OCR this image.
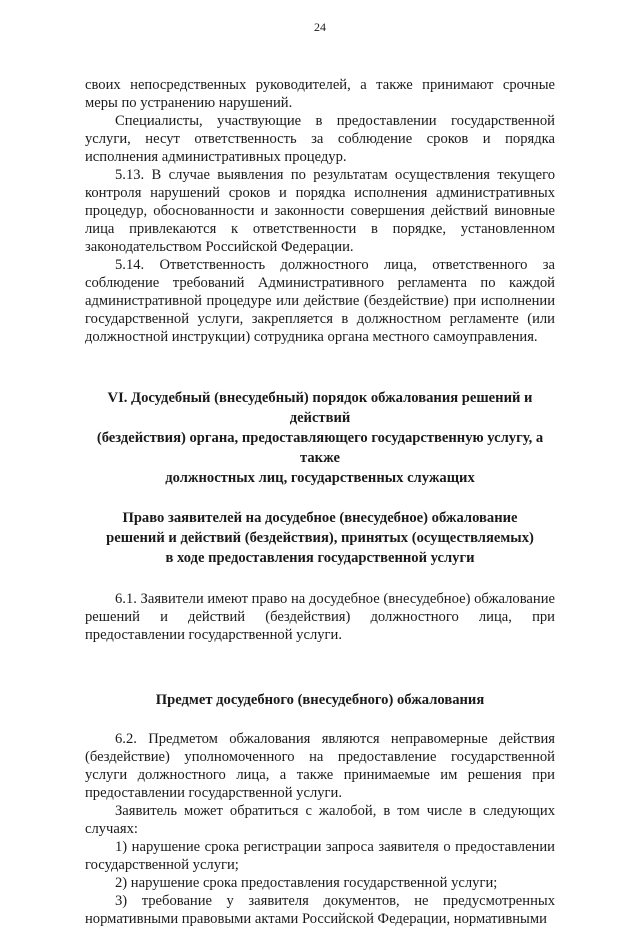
24

своих непосредственных руководителей, а также принимают срочные меры по устранению нарушений.

Специалисты, участвующие в предоставлении государственной услуги, несут ответственность за соблюдение сроков и порядка исполнения административных процедур.

5.13. В случае выявления по результатам осуществления текущего контроля нарушений сроков и порядка исполнения административных процедур, обоснованности и законности совершения действий виновные лица привлекаются к ответственности в порядке, установленном законодательством Российской Федерации.

5.14. Ответственность должностного лица, ответственного за соблюдение требований Административного регламента по каждой административной процедуре или действие (бездействие) при исполнении государственной услуги, закрепляется в должностном регламенте (или должностной инструкции) сотрудника органа местного самоуправления.

VI. Досудебный (внесудебный) порядок обжалования решений и действий
(бездействия) органа, предоставляющего государственную услугу, а также
должностных лиц, государственных служащих
Право заявителей на досудебное (внесудебное) обжалование
решений и действий (бездействия), принятых (осуществляемых)
в ходе предоставления государственной услуги

6.1. Заявители имеют право на досудебное (внесудебное) обжалование решений и действий (бездействия) должностного лица, при предоставлении государственной услуги.

Предмет досудебного (внесудебного) обжалования

6.2. Предметом обжалования являются неправомерные действия (бездействие) уполномоченного на предоставление государственной услуги должностного лица, а также принимаемые им решения при предоставлении государственной услуги.

Заявитель может обратиться с жалобой, в том числе в следующих случаях:

1) нарушение срока регистрации запроса заявителя о предоставлении государственной услуги;

2) нарушение срока предоставления государственной услуги;

3) требование у заявителя документов, не предусмотренных нормативными правовыми актами Российской Федерации, нормативными
